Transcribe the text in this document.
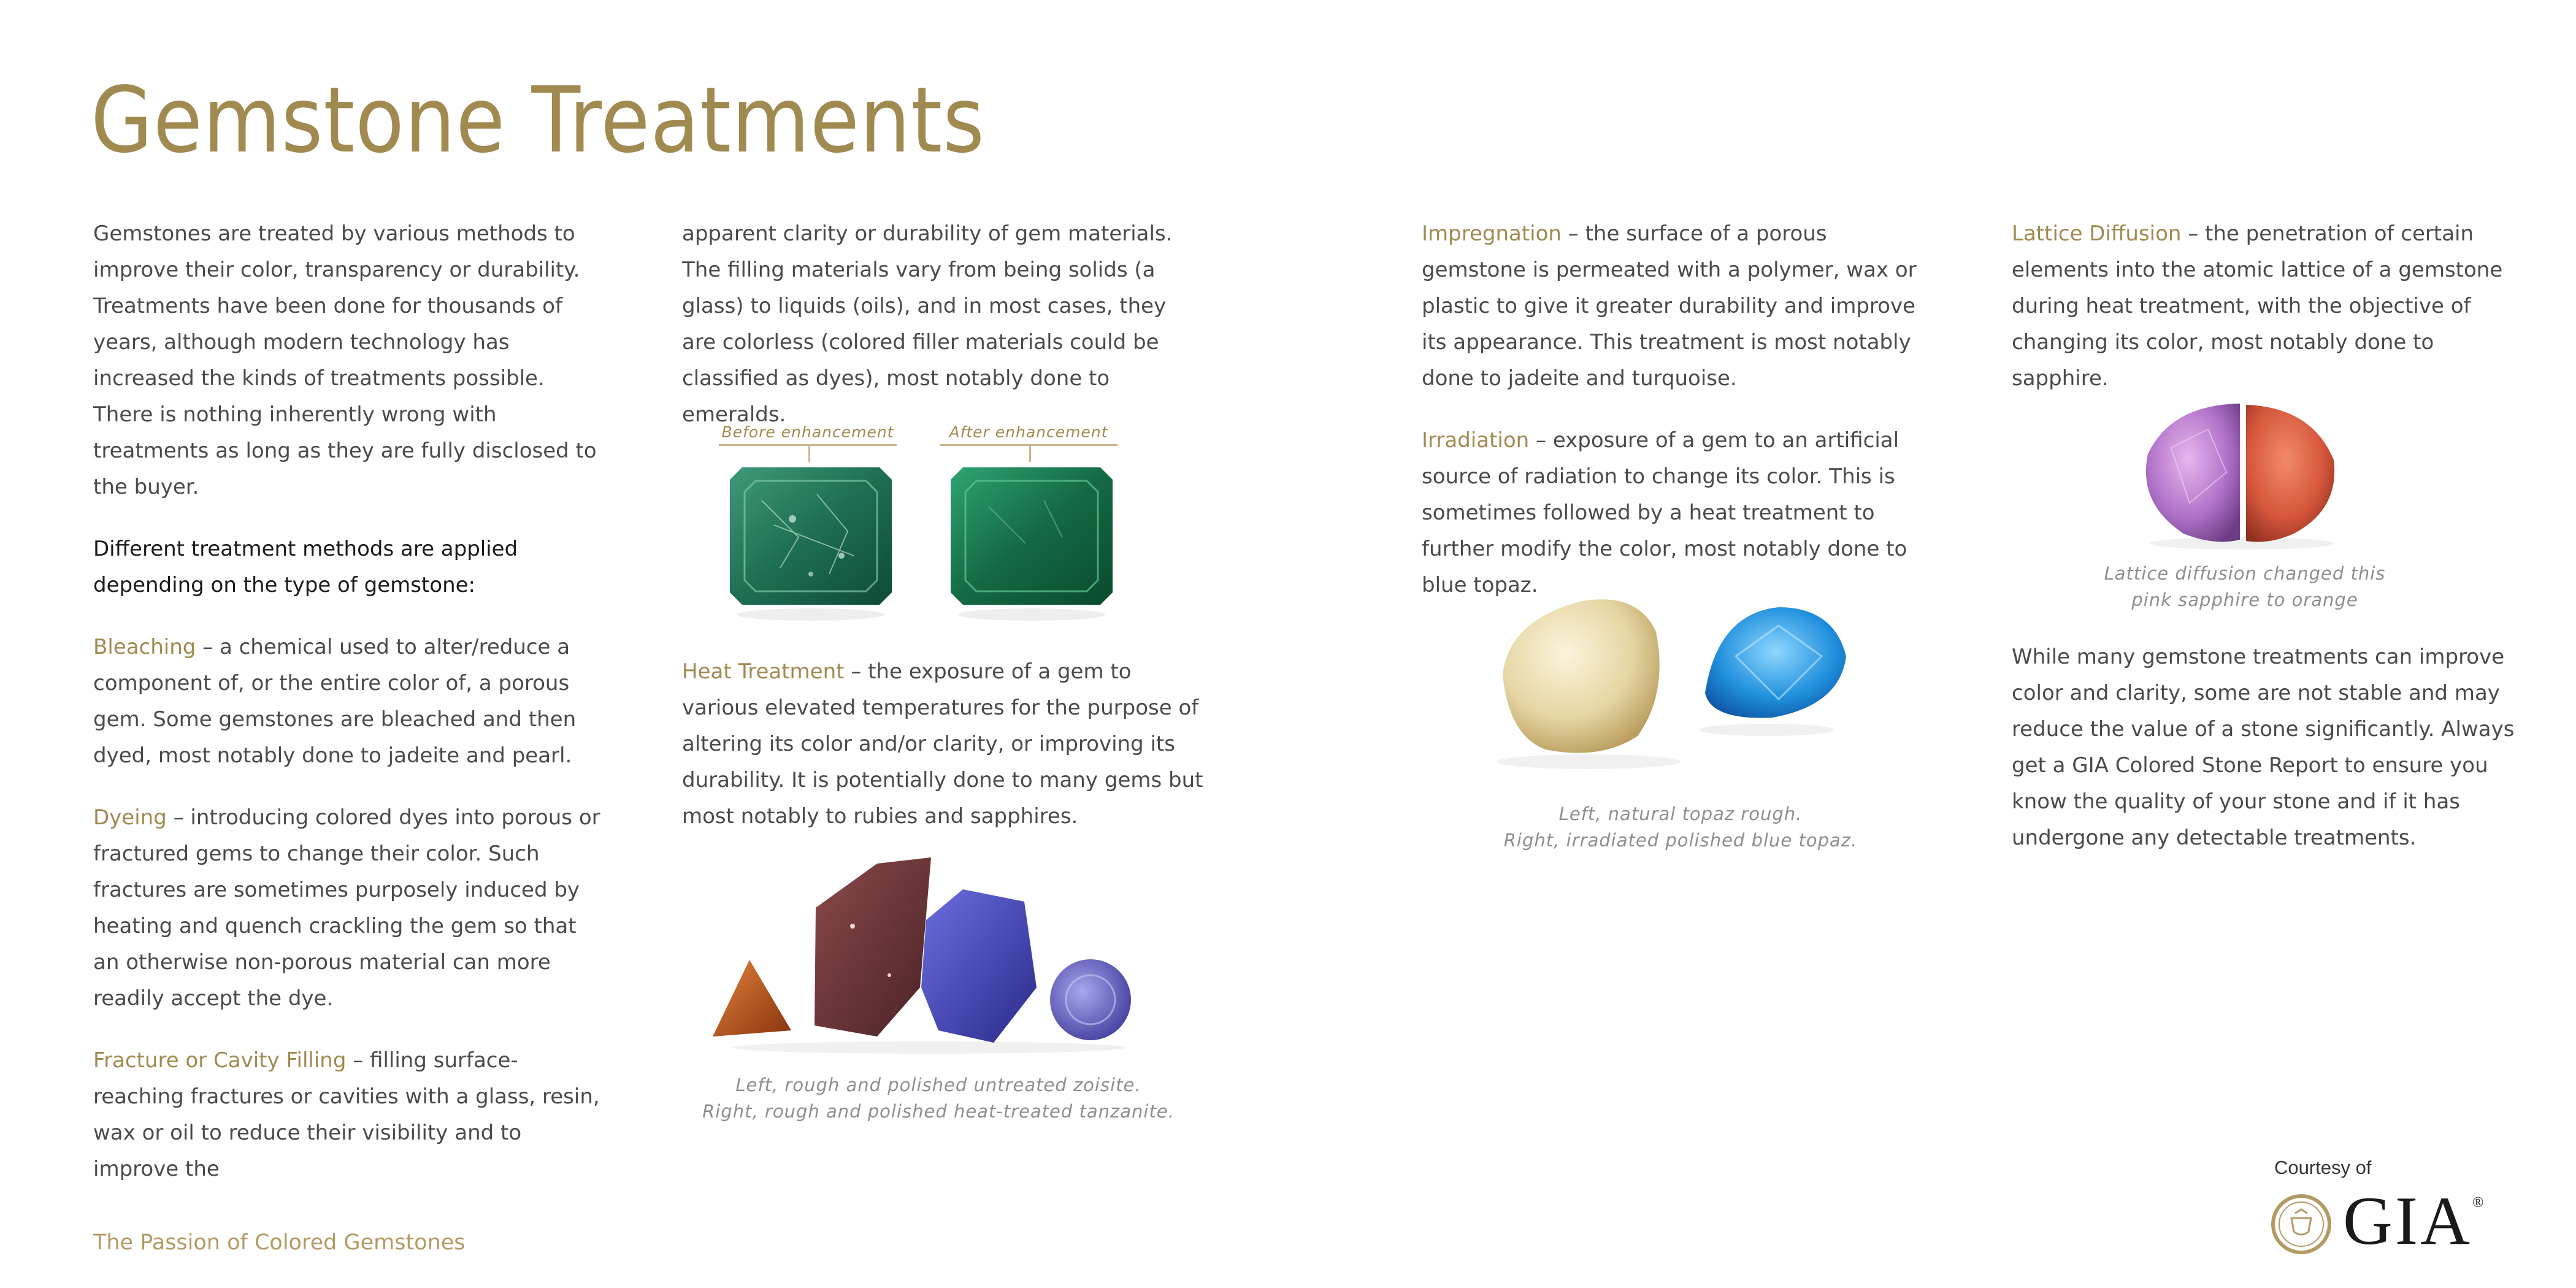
Gemstone Treatments

Gemstones are treated by various methods to improve their color, transparency or durability. Treatments have been done for thousands of years, although modern technology has increased the kinds of treatments possible. There is nothing inherently wrong with treatments as long as they are fully disclosed to the buyer.

Different treatment methods are applied depending on the type of gemstone:

Bleaching – a chemical used to alter/reduce a component of, or the entire color of, a porous gem. Some gemstones are bleached and then dyed, most notably done to jadeite and pearl.

Dyeing – introducing colored dyes into porous or fractured gems to change their color. Such fractures are sometimes purposely induced by heating and quench crackling the gem so that an otherwise non-porous material can more readily accept the dye.

Fracture or Cavity Filling – filling surface-reaching fractures or cavities with a glass, resin, wax or oil to reduce their visibility and to improve the

apparent clarity or durability of gem materials. The filling materials vary from being solids (a glass) to liquids (oils), and in most cases, they are colorless (colored filler materials could be classified as dyes), most notably done to emeralds.

Heat Treatment – the exposure of a gem to various elevated temperatures for the purpose of altering its color and/or clarity, or improving its durability. It is potentially done to many gems but most notably to rubies and sapphires.

Before enhancement	After enhancement
Left, rough and polished untreated zoisite.
Right, rough and polished heat-treated tanzanite.

Impregnation – the surface of a porous gemstone is permeated with a polymer, wax or plastic to give it greater durability and improve its appearance. This treatment is most notably done to jadeite and turquoise.

Irradiation – exposure of a gem to an artificial source of radiation to change its color. This is sometimes followed by a heat treatment to further modify the color, most notably done to blue topaz.

Left, natural topaz rough.
Right, irradiated polished blue topaz.

Lattice Diffusion – the penetration of certain elements into the atomic lattice of a gemstone during heat treatment, with the objective of changing its color, most notably done to sapphire.

Lattice diffusion changed this
pink sapphire to orange

While many gemstone treatments can improve color and clarity, some are not stable and may reduce the value of a stone significantly. Always get a GIA Colored Stone Report to ensure you know the quality of your stone and if it has undergone any detectable treatments.

The Passion of Colored Gemstones
Courtesy of
GIA®
